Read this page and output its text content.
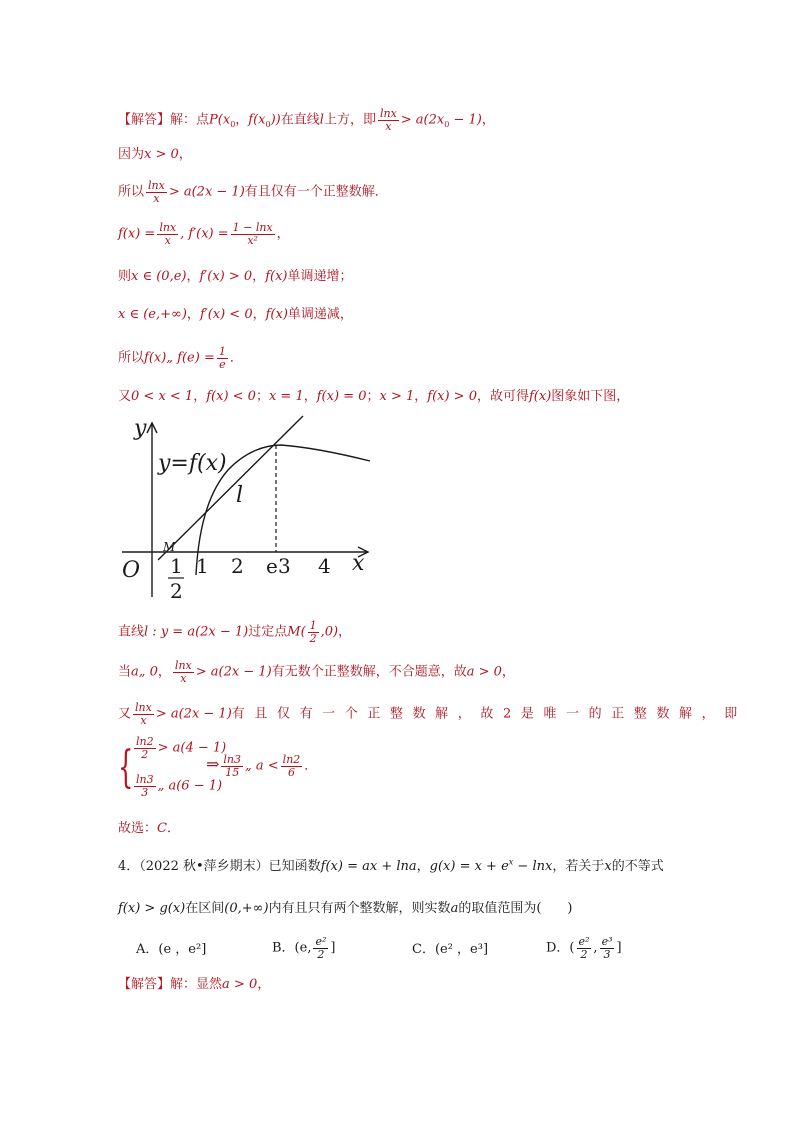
【解答】解：点$P(x_0$，$f(x_0)$)在直线l上方，即 $\frac{\ln x}{x} > a(2x_0 - 1)$，
因为x > 0，
所以 $\frac{\ln x}{x} > a(2x - 1)$有且仅有一个正整数解．
$f(x) = \frac{\ln x}{x}$ , $f'(x) = \frac{1 - \ln x}{\text{x²}}$ ，
则x ∈ (0,e)，f′(x) > 0，f(x)单调递增；
x ∈ (e,+∞)，f′(x) < 0，f(x)单调递减，
所以f(x)„ $f(e) = \frac{1}{e}$ ．
又0 < x < 1，f(x) < 0；x = 1，f(x) = 0；x > 1，f(x) > 0，故可得f(x)图象如下图，
y
x
O
y=f(x)
l
M
1
2
1 2 e 3 4
直线l : y = a(2x − 1)过定点$M( \frac{1}{2} ,0)$，
当a„ 0， $\frac{\ln x}{x} > a(2x - 1)$有无数个正整数解，不合题意，故a > 0，
又 $\frac{\ln x}{x} > a(2x - 1)$有且仅有一个正整数解，故2是唯一的正整数解，即
{ $\frac{\ln 2}{2} > a(4 - 1)$
$\frac{\ln 3}{3}$ „ a(6 − 1)
⇒ $\frac{\ln 3}{15}$ „ $a < \frac{\ln 2}{6}$ ．
故选：C．
4．（2022 秋•萍乡期末）已知函数f(x) = ax + lna，$g(x) = x + e^x - \ln x$，若关于x的不等式
f(x) > g(x)在区间(0,+∞)内有且只有两个整数解，则实数a的取值范围为(　　)
A．(e ，e²]	B．(e, $\frac{\text{e²}}{2}$ ]	C．(e² ，e³]	D．( $\frac{\text{e²}}{2}$ , $\frac{\text{e³}}{3}$ ]
【解答】解：显然a > 0，
